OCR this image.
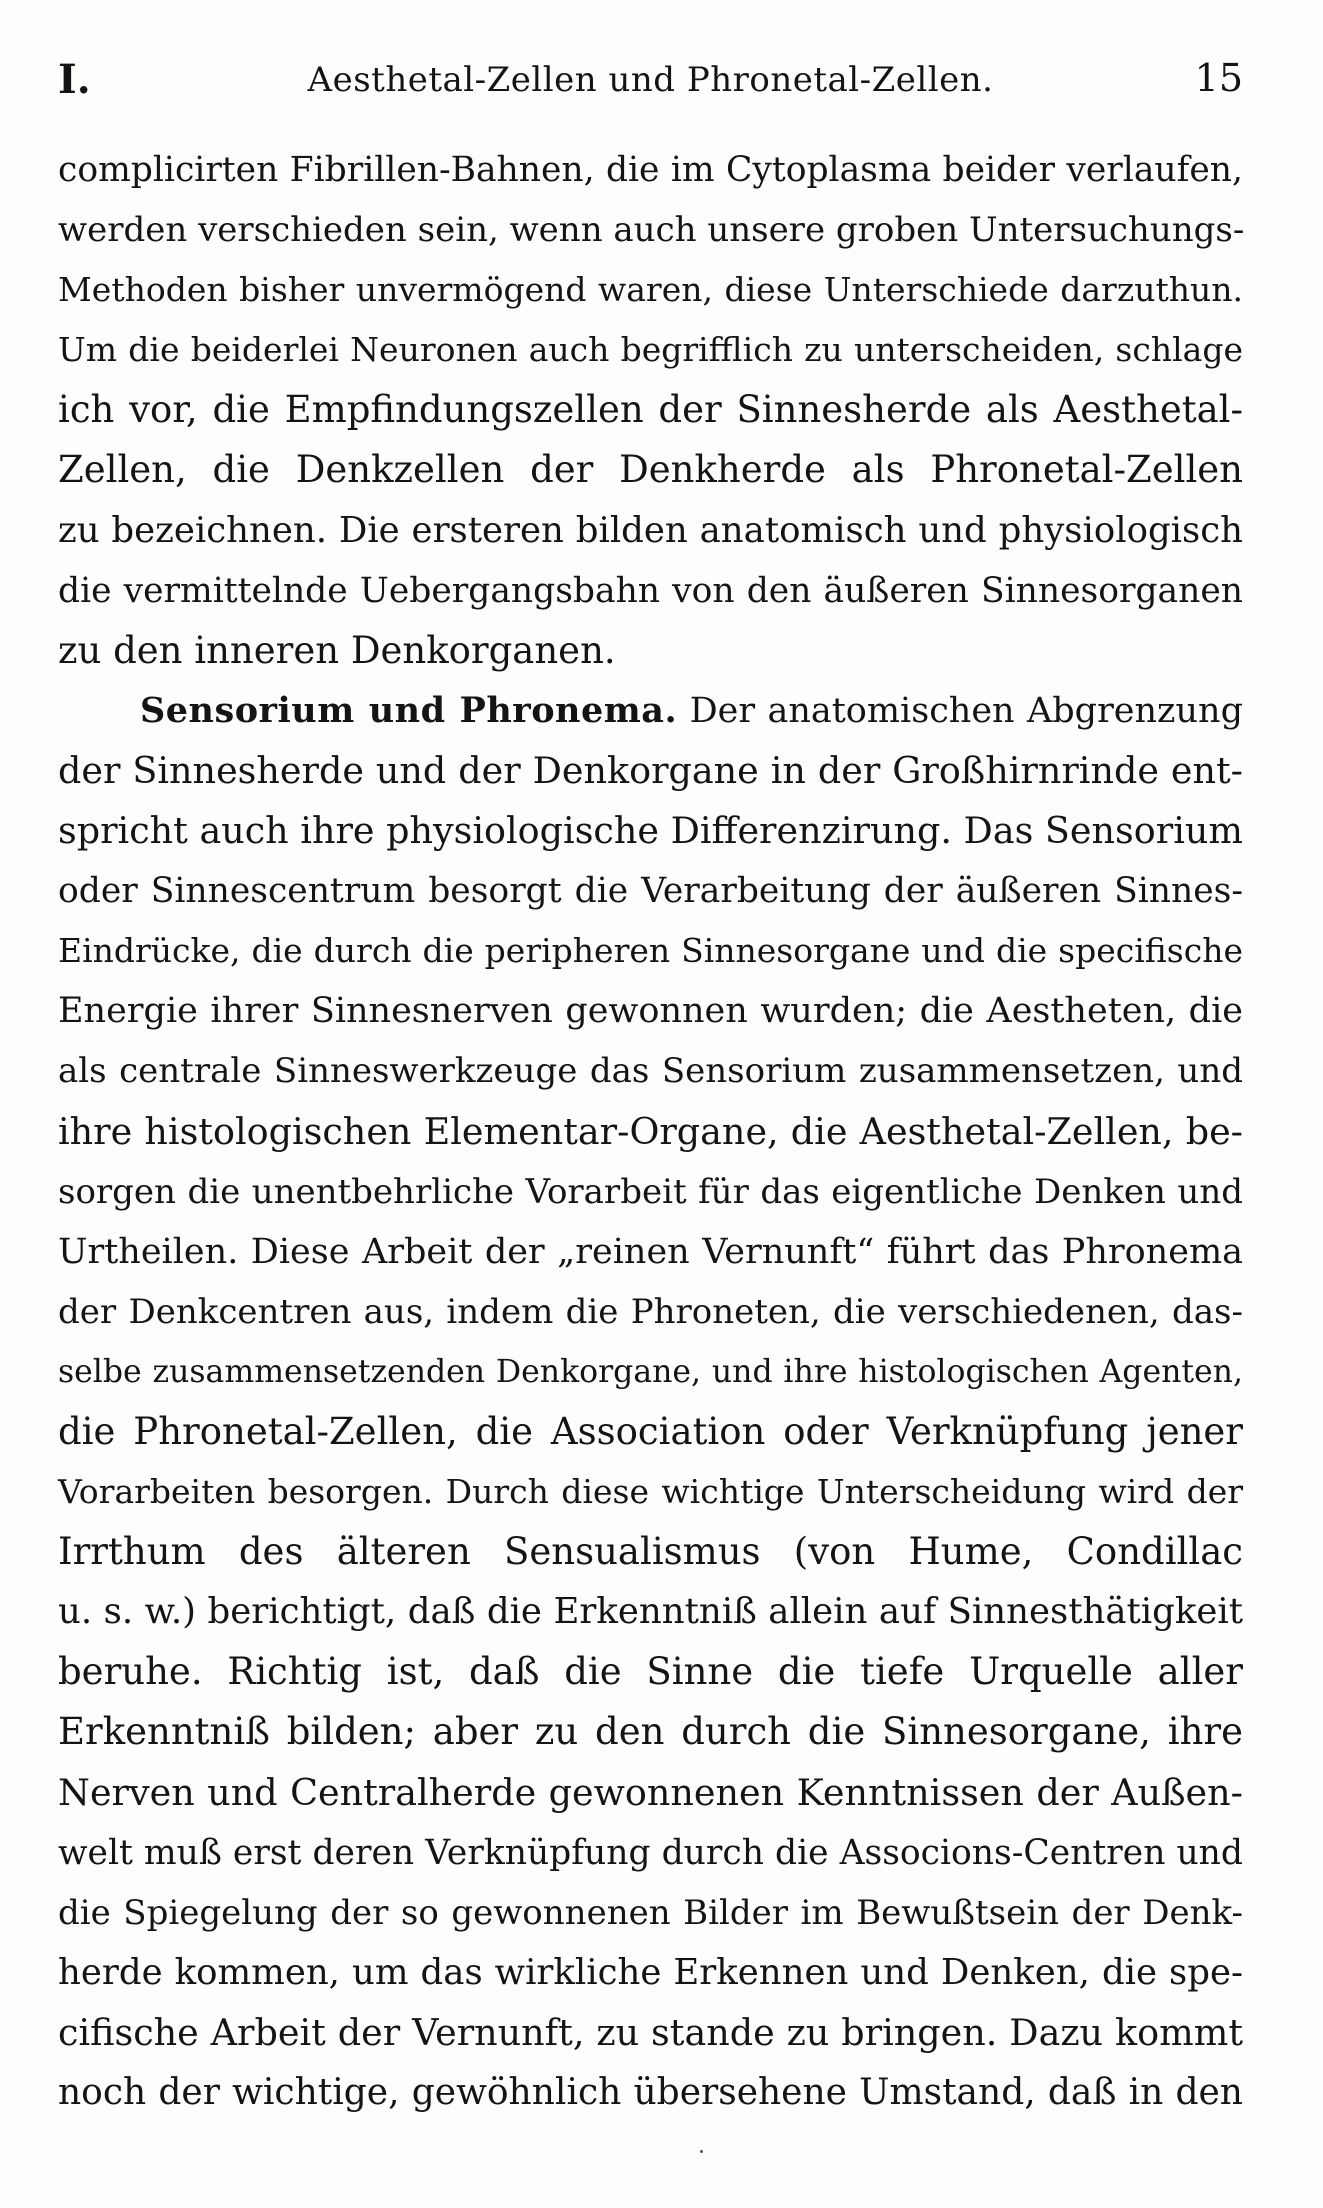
I.	Aesthetal-Zellen und Phronetal-Zellen.	15
complicirten Fibrillen-Bahnen, die im Cytoplasma beider verlaufen,
werden verschieden sein, wenn auch unsere groben Untersuchungs-
Methoden bisher unvermögend waren, diese Unterschiede darzuthun.
Um die beiderlei Neuronen auch begrifflich zu unterscheiden, schlage
ich vor, die Empfindungszellen der Sinnesherde als Aesthetal-
Zellen, die Denkzellen der Denkherde als Phronetal-Zellen
zu bezeichnen. Die ersteren bilden anatomisch und physiologisch
die vermittelnde Uebergangsbahn von den äußeren Sinnesorganen
zu den inneren Denkorganen.
Sensorium und Phronema. Der anatomischen Abgrenzung
der Sinnesherde und der Denkorgane in der Großhirnrinde ent-
spricht auch ihre physiologische Differenzirung. Das Sensorium
oder Sinnescentrum besorgt die Verarbeitung der äußeren Sinnes-
Eindrücke, die durch die peripheren Sinnesorgane und die specifische
Energie ihrer Sinnesnerven gewonnen wurden; die Aestheten, die
als centrale Sinneswerkzeuge das Sensorium zusammensetzen, und
ihre histologischen Elementar-Organe, die Aesthetal-Zellen, be-
sorgen die unentbehrliche Vorarbeit für das eigentliche Denken und
Urtheilen. Diese Arbeit der „reinen Vernunft“ führt das Phronema
der Denkcentren aus, indem die Phroneten, die verschiedenen, das-
selbe zusammensetzenden Denkorgane, und ihre histologischen Agenten,
die Phronetal-Zellen, die Association oder Verknüpfung jener
Vorarbeiten besorgen. Durch diese wichtige Unterscheidung wird der
Irrthum des älteren Sensualismus (von Hume, Condillac
u. s. w.) berichtigt, daß die Erkenntniß allein auf Sinnesthätigkeit
beruhe. Richtig ist, daß die Sinne die tiefe Urquelle aller
Erkenntniß bilden; aber zu den durch die Sinnesorgane, ihre
Nerven und Centralherde gewonnenen Kenntnissen der Außen-
welt muß erst deren Verknüpfung durch die Associons-Centren und
die Spiegelung der so gewonnenen Bilder im Bewußtsein der Denk-
herde kommen, um das wirkliche Erkennen und Denken, die spe-
cifische Arbeit der Vernunft, zu stande zu bringen. Dazu kommt
noch der wichtige, gewöhnlich übersehene Umstand, daß in den
